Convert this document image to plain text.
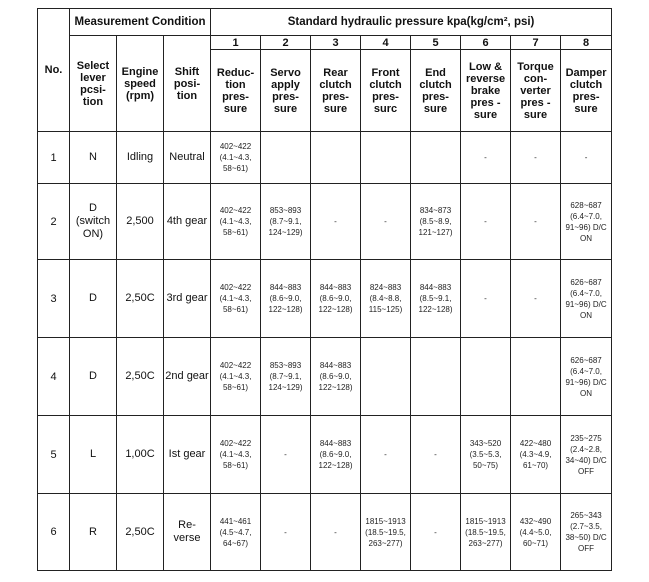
No.	Measurement Condition			Standard hydraulic pressure kpa(kg/cm², psi)							
	Select lever pcsi-tion	Engine speed (rpm)	Shift posi-tion	1	2	3	4	5	6	7	8
				Reduc-tion pres-sure	Servo apply pres-sure	Rear clutch pres-sure	Front clutch pres-surc	End clutch pres-sure	Low & reverse brake pres -sure	Torque con-verter pres -sure	Damper clutch pres-sure
1	N	Idling	Neutral	402~422 (4.1~4.3, 58~61)					-	-	-
2	D (switch ON)	2,500	4th gear	402~422 (4.1~4.3, 58~61)	853~893 (8.7~9.1, 124~129)	-	-	834~873 (8.5~8.9, 121~127)	-	-	628~687 (6.4~7.0, 91~96) D/C ON
3	D	2,50C	3rd gear	402~422 (4.1~4.3, 58~61)	844~883 (8.6~9.0, 122~128)	844~883 (8.6~9.0, 122~128)	824~883 (8.4~8.8, 115~125)	844~883 (8.5~9.1, 122~128)	-	-	626~687 (6.4~7.0, 91~96) D/C ON
4	D	2,50C	2nd gear	402~422 (4.1~4.3, 58~61)	853~893 (8.7~9.1, 124~129)	844~883 (8.6~9.0, 122~128)					626~687 (6.4~7.0, 91~96) D/C ON
5	L	1,00C	Ist gear	402~422 (4.1~4.3, 58~61)	-	844~883 (8.6~9.0, 122~128)	-	-	343~520 (3.5~5.3, 50~75)	422~480 (4.3~4.9, 61~70)	235~275 (2.4~2.8, 34~40) D/C OFF
6	R	2,50C	Re-verse	441~461 (4.5~4.7, 64~67)	-	-	1815~1913 (18.5~19.5, 263~277)	-	1815~1913 (18.5~19.5, 263~277)	432~490 (4.4~5.0, 60~71)	265~343 (2.7~3.5, 38~50) D/C OFF
